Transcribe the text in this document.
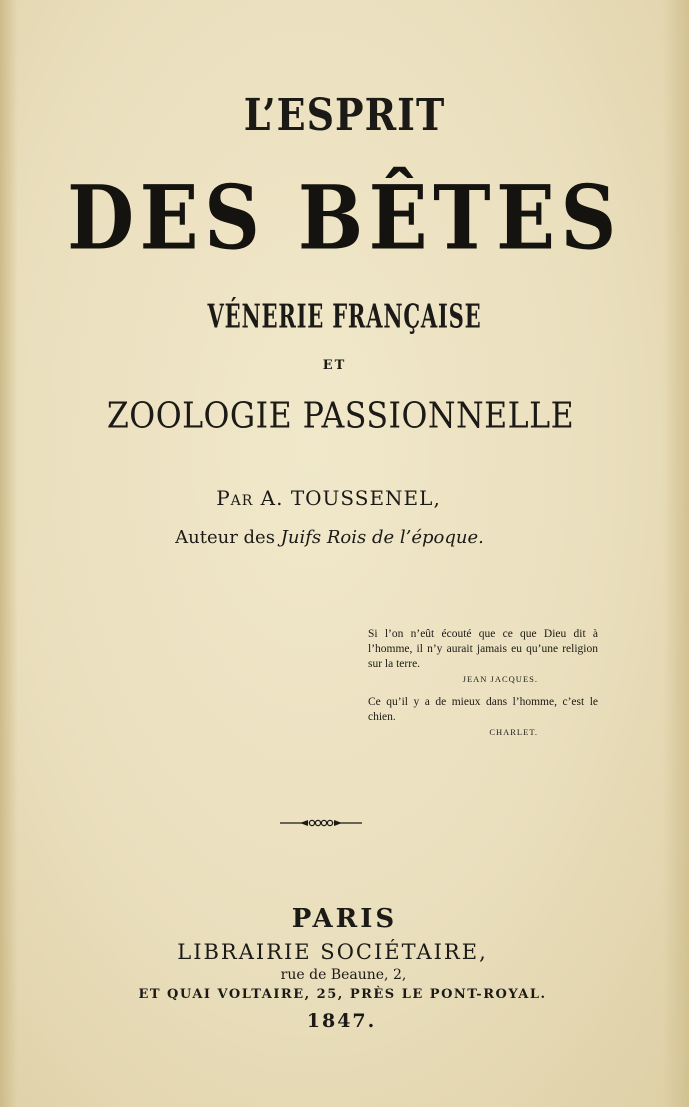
L’ESPRIT
DES BÊTES
VÉNERIE FRANÇAISE
ET
ZOOLOGIE PASSIONNELLE
Par A. TOUSSENEL,
Auteur des Juifs Rois de l’époque.
Si l’on n’eût écouté que ce que Dieu dit à l’homme, il n’y aurait jamais eu qu’une religion sur la terre.
JEAN JACQUES.
Ce qu’il y a de mieux dans l’homme, c’est le chien.
CHARLET.
PARIS
LIBRAIRIE SOCIÉTAIRE,
rue de Beaune, 2,
ET QUAI VOLTAIRE, 25, PRÈS LE PONT-ROYAL.
1847.
